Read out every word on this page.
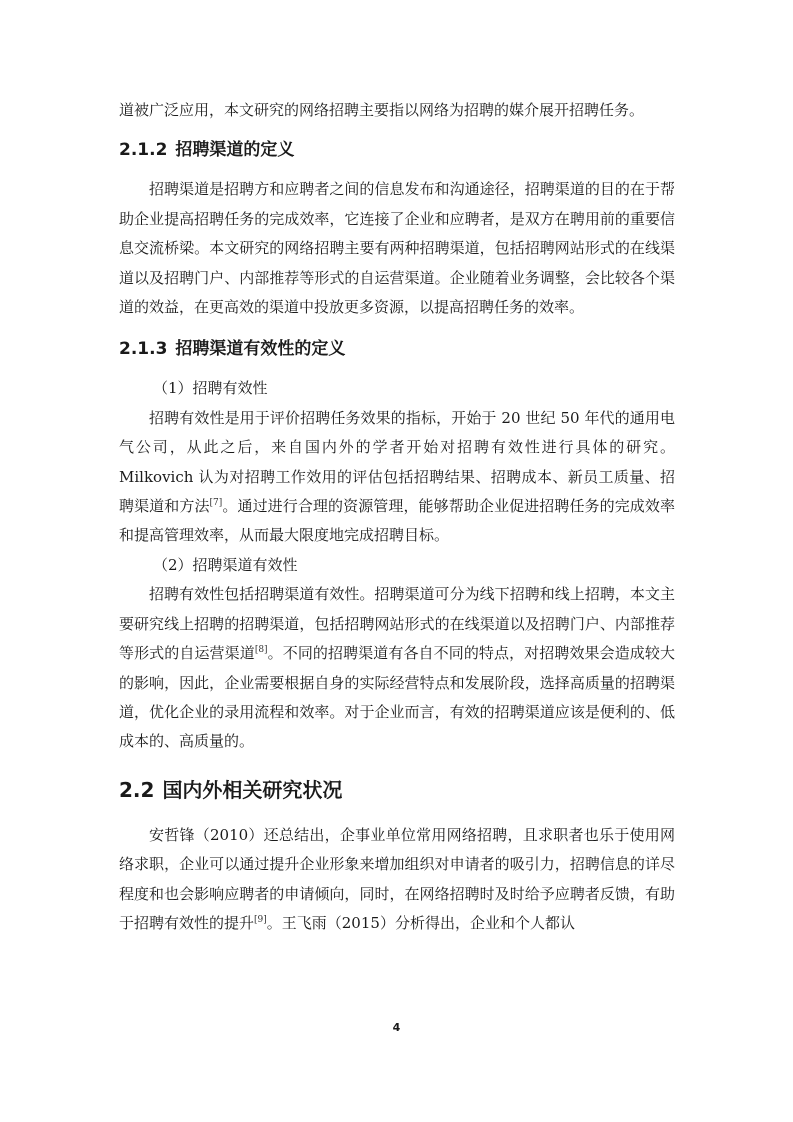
道被广泛应用，本文研究的网络招聘主要指以网络为招聘的媒介展开招聘任务。

2.1.2 招聘渠道的定义

招聘渠道是招聘方和应聘者之间的信息发布和沟通途径，招聘渠道的目的在于帮助企业提高招聘任务的完成效率，它连接了企业和应聘者，是双方在聘用前的重要信息交流桥梁。本文研究的网络招聘主要有两种招聘渠道，包括招聘网站形式的在线渠道以及招聘门户、内部推荐等形式的自运营渠道。企业随着业务调整，会比较各个渠道的效益，在更高效的渠道中投放更多资源，以提高招聘任务的效率。

2.1.3 招聘渠道有效性的定义

（1）招聘有效性

招聘有效性是用于评价招聘任务效果的指标，开始于 20 世纪 50 年代的通用电气公司，从此之后，来自国内外的学者开始对招聘有效性进行具体的研究。Milkovich 认为对招聘工作效用的评估包括招聘结果、招聘成本、新员工质量、招聘渠道和方法[7]。通过进行合理的资源管理，能够帮助企业促进招聘任务的完成效率和提高管理效率，从而最大限度地完成招聘目标。

（2）招聘渠道有效性

招聘有效性包括招聘渠道有效性。招聘渠道可分为线下招聘和线上招聘，本文主要研究线上招聘的招聘渠道，包括招聘网站形式的在线渠道以及招聘门户、内部推荐等形式的自运营渠道[8]。不同的招聘渠道有各自不同的特点，对招聘效果会造成较大的影响，因此，企业需要根据自身的实际经营特点和发展阶段，选择高质量的招聘渠道，优化企业的录用流程和效率。对于企业而言，有效的招聘渠道应该是便利的、低成本的、高质量的。

2.2 国内外相关研究状况

安哲锋（2010）还总结出，企事业单位常用网络招聘，且求职者也乐于使用网络求职，企业可以通过提升企业形象来增加组织对申请者的吸引力，招聘信息的详尽程度和也会影响应聘者的申请倾向，同时，在网络招聘时及时给予应聘者反馈，有助于招聘有效性的提升[9]。王飞雨（2015）分析得出，企业和个人都认

4
